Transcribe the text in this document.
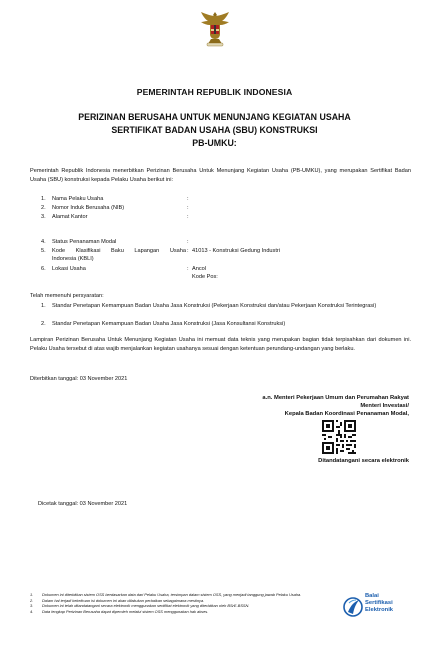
PEMERINTAH REPUBLIK INDONESIA
PERIZINAN BERUSAHA UNTUK MENUNJANG KEGIATAN USAHA
SERTIFIKAT BADAN USAHA (SBU) KONSTRUKSI
PB-UMKU:
Pemerintah Republik Indonesia menerbitkan Perizinan Berusaha Untuk Menunjang Kegiatan Usaha (PB-UMKU), yang merupakan Sertifikat Badan Usaha (SBU) konstruksi kepada Pelaku Usaha berikut ini:
1.	Nama Pelaku Usaha	:
2.	Nomor Induk Berusaha (NIB)	:
3.	Alamat Kantor	:
4.	Status Penanaman Modal	:
5.	Kode Klasifikasi Baku Lapangan Usaha
Indonesia (KBLI)
: 41013 - Konstruksi Gedung Industri
6.	Lokasi Usaha	: Ancol
Kode Pos:
Telah memenuhi persyaratan:
1. Standar Penetapan Kemampuan Badan Usaha Jasa Konstruksi (Pekerjaan Konstruksi dan/atau Pekerjaan Konstruksi Terintegrasi)
2. Standar Penetapan Kemampuan Badan Usaha Jasa Konstruksi (Jasa Konsultansi Konstruksi)
Lampiran Perizinan Berusaha Untuk Menunjang Kegiatan Usaha ini memuat data teknis yang merupakan bagian tidak terpisahkan dari dokumen ini. Pelaku Usaha tersebut di atas wajib menjalankan kegiatan usahanya sesuai dengan ketentuan perundang-undangan yang berlaku.
Diterbitkan tanggal: 03 November 2021
a.n. Menteri Pekerjaan Umum dan Perumahan Rakyat
Menteri Investasi/
Kepala Badan Koordinasi Penanaman Modal,
Ditandatangani secara elektronik
Dicetak tanggal: 03 November 2021
1.	Dokumen ini diterbitkan sistem OSS berdasarkan data dari Pelaku Usaha, tersimpan dalam sistem OSS, yang menjadi tanggung jawab Pelaku Usaha.
2.	Dalam hal terjadi kekeliruan isi dokumen ini akan dilakukan perbaikan sebagaimana mestinya.
3.	Dokumen ini telah ditandatangani secara elektronik menggunakan sertifikat elektronik yang diterbitkan oleh BSrE-BSSN.
4.	Data lengkap Perizinan Berusaha dapat diperoleh melalui sistem OSS menggunakan hak akses.
Balai
Sertifikasi
Elektronik
